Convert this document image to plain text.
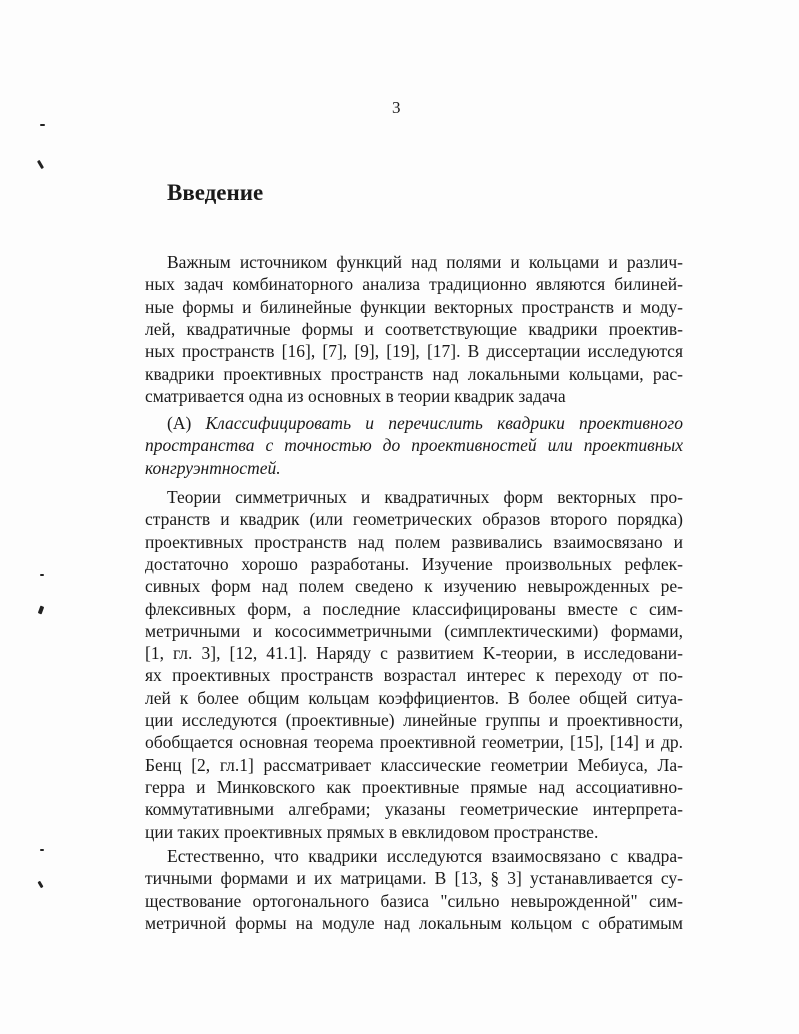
3
Введение
Важным источником функций над полями и кольцами и различ-
ных задач комбинаторного анализа традиционно являются билиней-
ные формы и билинейные функции векторных пространств и моду-
лей, квадратичные формы и соответствующие квадрики проектив-
ных пространств [16], [7], [9], [19], [17]. В диссертации исследуются
квадрики проективных пространств над локальными кольцами, рас-
сматривается одна из основных в теории квадрик задача
(A) Классифицировать и перечислить квадрики проективного
пространства с точностью до проективностей или проективных
конгруэнтностей.
Теории симметричных и квадратичных форм векторных про-
странств и квадрик (или геометрических образов второго порядка)
проективных пространств над полем развивались взаимосвязано и
достаточно хорошо разработаны. Изучение произвольных рефлек-
сивных форм над полем сведено к изучению невырожденных ре-
флексивных форм, а последние классифицированы вместе с сим-
метричными и кососимметричными (симплектическими) формами,
[1, гл. 3], [12, 41.1]. Наряду с развитием K-теории, в исследовани-
ях проективных пространств возрастал интерес к переходу от по-
лей к более общим кольцам коэффициентов. В более общей ситуа-
ции исследуются (проективные) линейные группы и проективности,
обобщается основная теорема проективной геометрии, [15], [14] и др.
Бенц [2, гл.1] рассматривает классические геометрии Мебиуса, Ла-
герра и Минковского как проективные прямые над ассоциативно-
коммутативными алгебрами; указаны геометрические интерпрета-
ции таких проективных прямых в евклидовом пространстве.
Естественно, что квадрики исследуются взаимосвязано с квадра-
тичными формами и их матрицами. В [13, § 3] устанавливается су-
ществование ортогонального базиса "сильно невырожденной" сим-
метричной формы на модуле над локальным кольцом с обратимым
